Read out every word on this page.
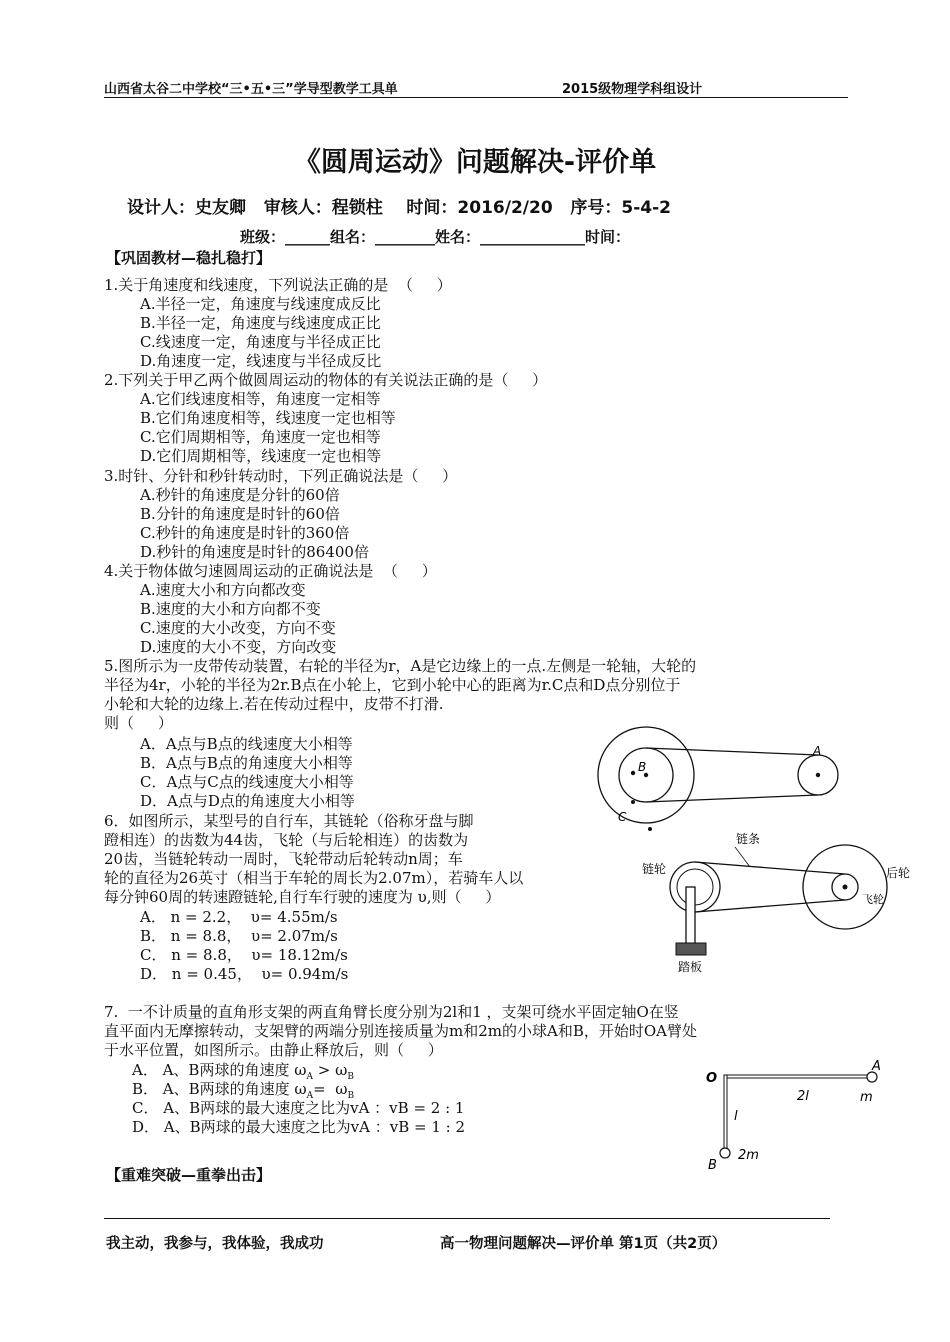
山西省太谷二中学校“三•五•三”学导型教学工具单	2015级物理学科组设计
《圆周运动》问题解决-评价单
设计人：史友卿   审核人：程锁柱    时间：2016/2/20   序号：5-4-2
班级：______组名：________姓名：______________时间：
【巩固教材—稳扎稳打】
1.关于角速度和线速度，下列说法正确的是  （     ）
A.半径一定，角速度与线速度成反比
B.半径一定，角速度与线速度成正比
C.线速度一定，角速度与半径成正比
D.角速度一定，线速度与半径成反比
2.下列关于甲乙两个做圆周运动的物体的有关说法正确的是（     ）
A.它们线速度相等，角速度一定相等
B.它们角速度相等，线速度一定也相等
C.它们周期相等，角速度一定也相等
D.它们周期相等，线速度一定也相等
3.时针、分针和秒针转动时，下列正确说法是（     ）
A.秒针的角速度是分针的60倍
B.分针的角速度是时针的60倍
C.秒针的角速度是时针的360倍
D.秒针的角速度是时针的86400倍
4.关于物体做匀速圆周运动的正确说法是  （     ）
A.速度大小和方向都改变
B.速度的大小和方向都不变
C.速度的大小改变，方向不变
D.速度的大小不变，方向改变
5.图所示为一皮带传动装置，右轮的半径为r，A是它边缘上的一点.左侧是一轮轴，大轮的
半径为4r，小轮的半径为2r.B点在小轮上，它到小轮中心的距离为r.C点和D点分别位于
小轮和大轮的边缘上.若在传动过程中，皮带不打滑.
则（     ）
A．A点与B点的线速度大小相等
B．A点与B点的角速度大小相等
C．A点与C点的线速度大小相等
D．A点与D点的角速度大小相等
A
B
C
6．如图所示，某型号的自行车，其链轮（俗称牙盘与脚
蹬相连）的齿数为44齿，飞轮（与后轮相连）的齿数为
20齿，当链轮转动一周时，飞轮带动后轮转动n周；车
轮的直径为26英寸（相当于车轮的周长为2.07m），若骑车人以
每分钟60周的转速蹬链轮,自行车行驶的速度为 υ,则（     ）
A． n = 2.2，  υ= 4.55m/s
B． n = 8.8，  υ= 2.07m/s
C． n = 8.8，  υ= 18.12m/s
D． n = 0.45，  υ= 0.94m/s
链条
链轮	后轮
飞轮
踏板
7.  一不计质量的直角形支架的两直角臂长度分别为2l和1 ，支架可绕水平固定轴O在竖
直平面内无摩擦转动，支架臂的两端分别连接质量为m和2m的小球A和B，开始时OA臂处
于水平位置，如图所示。由静止释放后，则（     ）
A． A、B两球的角速度 $\omega_A > \omega_B$
B． A、B两球的角速度 $\omega_A= \omega_B$
C． A、B两球的最大速度之比为vA ：vB = 2 : 1
D． A、B两球的最大速度之比为vA ：vB = 1 : 2
O
A
m
2l
l
B
2m
【重难突破—重拳出击】
我主动，我参与，我体验，我成功	高一物理问题解决—评价单 第1页（共2页）
